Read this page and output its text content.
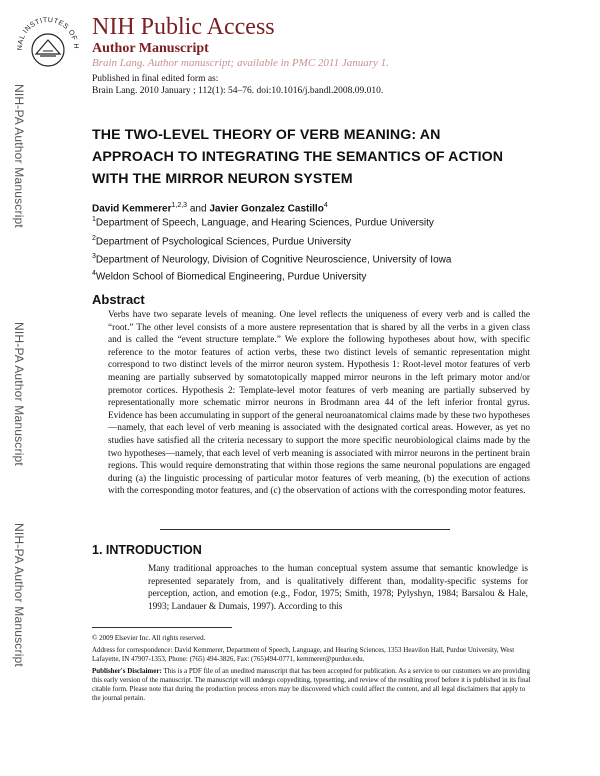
NAL INSTITUTES OF H
NIH Public Access
Author Manuscript
Brain Lang. Author manuscript; available in PMC 2011 January 1.
Published in final edited form as:
Brain Lang. 2010 January ; 112(1): 54–76. doi:10.1016/j.bandl.2008.09.010.
NIH-PA Author Manuscript
NIH-PA Author Manuscript
NIH-PA Author Manuscript
THE TWO-LEVEL THEORY OF VERB MEANING: AN APPROACH TO INTEGRATING THE SEMANTICS OF ACTION WITH THE MIRROR NEURON SYSTEM
David Kemmerer$^{1,2,3}$ and Javier Gonzalez Castillo$^4$
$^1$Department of Speech, Language, and Hearing Sciences, Purdue University
$^2$Department of Psychological Sciences, Purdue University
$^3$Department of Neurology, Division of Cognitive Neuroscience, University of Iowa
$^4$Weldon School of Biomedical Engineering, Purdue University
Abstract
Verbs have two separate levels of meaning. One level reflects the uniqueness of every verb and is called the “root.” The other level consists of a more austere representation that is shared by all the verbs in a given class and is called the “event structure template.” We explore the following hypotheses about how, with specific reference to the motor features of action verbs, these two distinct levels of semantic representation might correspond to two distinct levels of the mirror neuron system. Hypothesis 1: Root-level motor features of verb meaning are partially subserved by somatotopically mapped mirror neurons in the left primary motor and/or premotor cortices. Hypothesis 2: Template-level motor features of verb meaning are partially subserved by representationally more schematic mirror neurons in Brodmann area 44 of the left inferior frontal gyrus. Evidence has been accumulating in support of the general neuroanatomical claims made by these two hypotheses—namely, that each level of verb meaning is associated with the designated cortical areas. However, as yet no studies have satisfied all the criteria necessary to support the more specific neurobiological claims made by the two hypotheses—namely, that each level of verb meaning is associated with mirror neurons in the pertinent brain regions. This would require demonstrating that within those regions the same neuronal populations are engaged during (a) the linguistic processing of particular motor features of verb meaning, (b) the execution of actions with the corresponding motor features, and (c) the observation of actions with the corresponding motor features.
1. INTRODUCTION
Many traditional approaches to the human conceptual system assume that semantic knowledge is represented separately from, and is qualitatively different than, modality-specific systems for perception, action, and emotion (e.g., Fodor, 1975; Smith, 1978; Pylyshyn, 1984; Barsalou & Hale, 1993; Landauer & Dumais, 1997). According to this
© 2009 Elsevier Inc. All rights reserved.
Address for correspondence: David Kemmerer, Department of Speech, Language, and Hearing Sciences, 1353 Heavilon Hall, Purdue University, West Lafayette, IN 47907-1353, Phone: (765) 494-3826, Fax: (765)494-0771, kemmerer@purdue.edu.
Publisher's Disclaimer: This is a PDF file of an unedited manuscript that has been accepted for publication. As a service to our customers we are providing this early version of the manuscript. The manuscript will undergo copyediting, typesetting, and review of the resulting proof before it is published in its final citable form. Please note that during the production process errors may be discovered which could affect the content, and all legal disclaimers that apply to the journal pertain.
